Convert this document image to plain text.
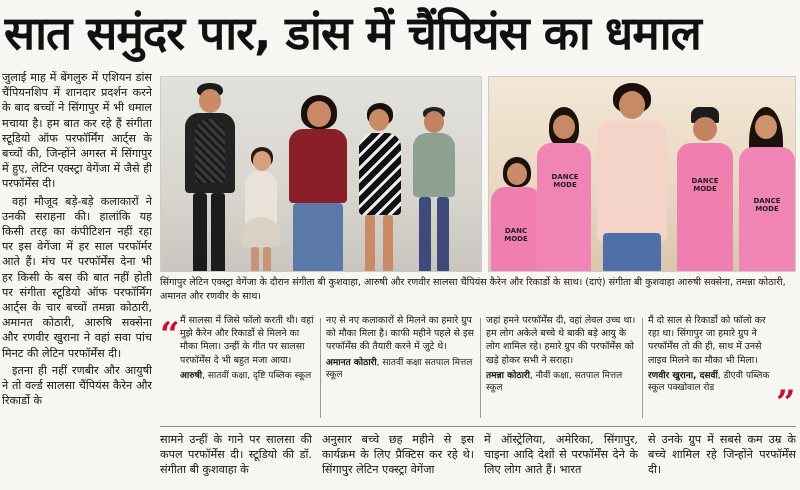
सात समुंदर पार, डांस में चैंपियंस का धमाल

जुलाई माह में बेंगलुरु में एशियन डांस चैंपियनशिप में शानदार प्रदर्शन करने के बाद बच्चों ने सिंगापुर में भी धमाल मचाया है। हम बात कर रहे हैं संगीता स्टूडियो ऑफ परफॉर्मिंग आर्ट्स के बच्चों की, जिन्होंने अगस्त में सिंगापुर में हुए, लेटिन एक्स्ट्रा वेगेंजा में जैसे ही परफॉर्मेंस दी।

वहां मौजूद बड़े-बड़े कलाकारों ने उनकी सराहना की। हालांकि यह किसी तरह का कंपीटिशन नहीं रहा पर इस वेगेंजा में हर साल परफॉर्मर आते हैं। मंच पर परफॉर्मेंस देना भी हर किसी के बस की बात नहीं होती पर संगीता स्टूडियो ऑफ परफॉर्मिंग आर्ट्स के चार बच्चों तमन्ना कोठारी, अमानत कोठारी, आरुषि सक्सेना और रणवीर खुराना ने वहां सवा पांच मिनट की लेटिन परफॉर्मेंस दी।

इतना ही नहीं रणबीर और आयुषी ने तो वर्ल्ड सालसा चैंपियंस कैरेन और रिकार्डो के

DANC MODE
DANCE MODE
DANCE MODE
DANCE MODE
सिंगापुर लेटिन एक्स्ट्रा वेगेंजा के दौरान संगीता बी कुशवाहा, आरुषी और रणवीर सालसा चैंपियंस कैरेन और रिकार्डो के साथ। (दाएं) संगीता बी कुशवाहा आरुषी सक्सेना, तमन्ना कोठारी, अमानत और रणवीर के साथ।
“ मैं सालसा में जिसे फॉलो करती थी। वहां मुझे कैरेन और रिकार्डो से मिलने का मौका मिला। उन्हीं के गीत पर सालसा परफॉर्मेंस दे भी बहुत मजा आया।
आरुषी, सातवीं कक्षा, दृष्टि पब्लिक स्कूल
नए से नए कलाकारों से मिलने का हमारे ग्रुप को मौका मिला है। काफी महीने पहले से इस परफॉर्मेंस की तैयारी करने में जुटे थे।
अमानत कोठारी, सातवीं कक्षा सतपाल मित्तल स्कूल
जहां हमने परफॉर्मेंस दी, वहां लेवल उच्च था। हम लोग अकेले बच्चे थे बाकी बड़े आयु के लोग शामिल रहे। हमारे ग्रुप की परफॉर्मेंस को खड़े होकर सभी ने सराहा।
तमन्ना कोठारी, नौवीं कक्षा, सतपाल मित्तल स्कूल
मैं दो साल से रिकार्डो को फॉलो कर रहा था। सिंगापुर जा हमारे ग्रुप ने परफॉर्मेंस तो की ही, साथ में उनसे लाइव मिलने का मौका भी मिला।
रणवीर खुराना, दसवीं, डीएवी पब्लिक स्कूल पक्खोवाल रोड	”
सामने उन्हीं के गाने पर सालसा की कपल परफॉर्मेंस दी। स्टूडियो की डॉ. संगीता बी कुशवाहा के
अनुसार बच्चे छह महीने से इस कार्यक्रम के लिए प्रैक्टिस कर रहे थे। सिंगापुर लेटिन एक्स्ट्रा वेगेंजा
में ऑस्ट्रेलिया, अमेरिका, सिंगापुर, चाइना आदि देशों से परफॉर्मेंस देने के लिए लोग आते हैं। भारत
से उनके ग्रुप में सबसे कम उम्र के बच्चे शामिल रहे जिन्होंने परफॉर्मेंस दी।
